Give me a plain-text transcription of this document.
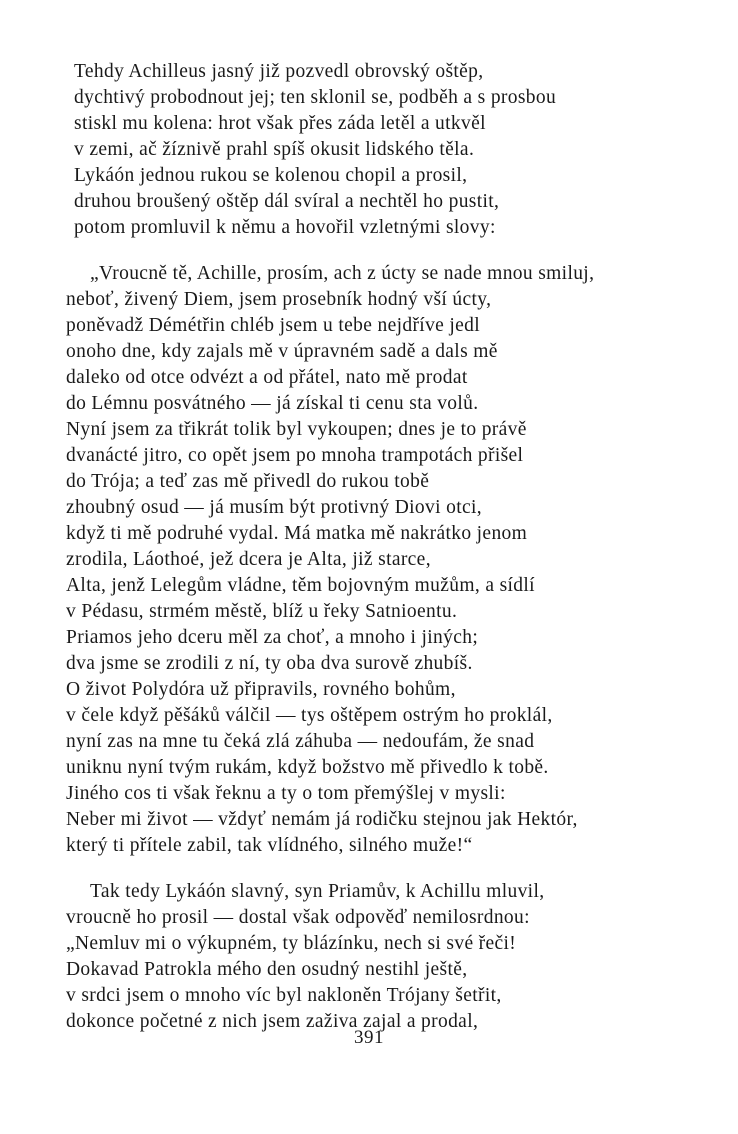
Tehdy Achilleus jasný již pozvedl obrovský oštěp,
dychtivý probodnout jej; ten sklonil se, podběh a s prosbou
stiskl mu kolena: hrot však přes záda letěl a utkvěl
v zemi, ač žíznivě prahl spíš okusit lidského těla.
Lykáón jednou rukou se kolenou chopil a prosil,
druhou broušený oštěp dál svíral a nechtěl ho pustit,
potom promluvil k němu a hovořil vzletnými slovy:
„Vroucně tě, Achille, prosím, ach z úcty se nade mnou smiluj,
neboť, živený Diem, jsem prosebník hodný vší úcty,
poněvadž Démétřin chléb jsem u tebe nejdříve jedl
onoho dne, kdy zajals mě v úpravném sadě a dals mě
daleko od otce odvézt a od přátel, nato mě prodat
do Lémnu posvátného — já získal ti cenu sta volů.
Nyní jsem za třikrát tolik byl vykoupen; dnes je to právě
dvanácté jitro, co opět jsem po mnoha trampotách přišel
do Trója; a teď zas mě přivedl do rukou tobě
zhoubný osud — já musím být protivný Diovi otci,
když ti mě podruhé vydal. Má matka mě nakrátko jenom
zrodila, Láothoé, jež dcera je Alta, již starce,
Alta, jenž Lelegům vládne, těm bojovným mužům, a sídlí
v Pédasu, strmém městě, blíž u řeky Satnioentu.
Priamos jeho dceru měl za choť, a mnoho i jiných;
dva jsme se zrodili z ní, ty oba dva surově zhubíš.
O život Polydóra už připravils, rovného bohům,
v čele když pěšáků válčil — tys oštěpem ostrým ho proklál,
nyní zas na mne tu čeká zlá záhuba — nedoufám, že snad
uniknu nyní tvým rukám, když božstvo mě přivedlo k tobě.
Jiného cos ti však řeknu a ty o tom přemýšlej v mysli:
Neber mi život — vždyť nemám já rodičku stejnou jak Hektór,
který ti přítele zabil, tak vlídného, silného muže!“
Tak tedy Lykáón slavný, syn Priamův, k Achillu mluvil,
vroucně ho prosil — dostal však odpověď nemilosrdnou:
„Nemluv mi o výkupném, ty blázínku, nech si své řeči!
Dokavad Patrokla mého den osudný nestihl ještě,
v srdci jsem o mnoho víc byl nakloněn Trójany šetřit,
dokonce početné z nich jsem zaživa zajal a prodal,
391
